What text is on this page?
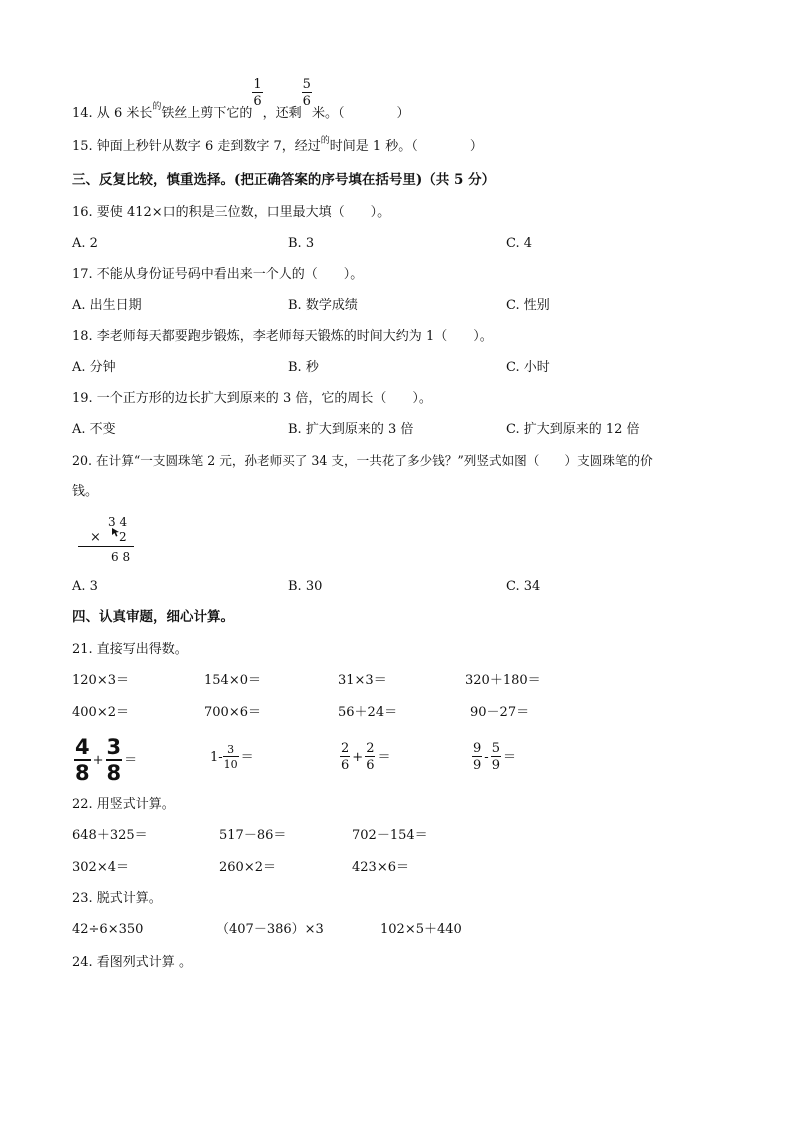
14. 从 6 米长$_的$铁丝上剪下它的
$\frac{1}{6}$
，还剩
$\frac{5}{6}$
米。（	）
15. 钟面上秒针从数字 6 走到数字 7，经过$^的$时间是 1 秒。（	）
三、反复比较，慎重选择。(把正确答案的序号填在括号里)（共 5 分）
16. 要使 412×口的积是三位数，口里最大填（　　）。
A. 2	B. 3	C. 4
17. 不能从身份证号码中看出来一个人的（　　）。
A. 出生日期	B. 数学成绩	C. 性别
18. 李老师每天都要跑步锻炼，李老师每天锻炼的时间大约为 1（　　）。
A. 分钟	B. 秒	C. 小时
19. 一个正方形的边长扩大到原来的 3 倍，它的周长（　　）。
A. 不变	B. 扩大到原来的 3 倍	C. 扩大到原来的 12 倍
20. 在计算“一支圆珠笔 2 元，孙老师买了 34 支，一共花了多少钱？”列竖式如图（　　）支圆珠笔的价
钱。
3 4
× 2
6 8
A. 3	B. 30	C. 34
四、认真审题，细心计算。
21. 直接写出得数。
120×3＝	154×0＝	31×3＝	320＋180＝
400×2＝	700×6＝	56＋24＝	90－27＝
$\frac{4}{8} + \frac{3}{8}$ ＝	$1- \frac{3}{10}$ ＝	$\frac{2}{6} + \frac{2}{6}$ ＝	$\frac{9}{9} - \frac{5}{9}$ ＝
22. 用竖式计算。
648＋325＝	517－86＝	702－154＝
302×4＝	260×2＝	423×6＝
23. 脱式计算。
42÷6×350	（407－386）×3	102×5＋440
24. 看图列式计算 。
